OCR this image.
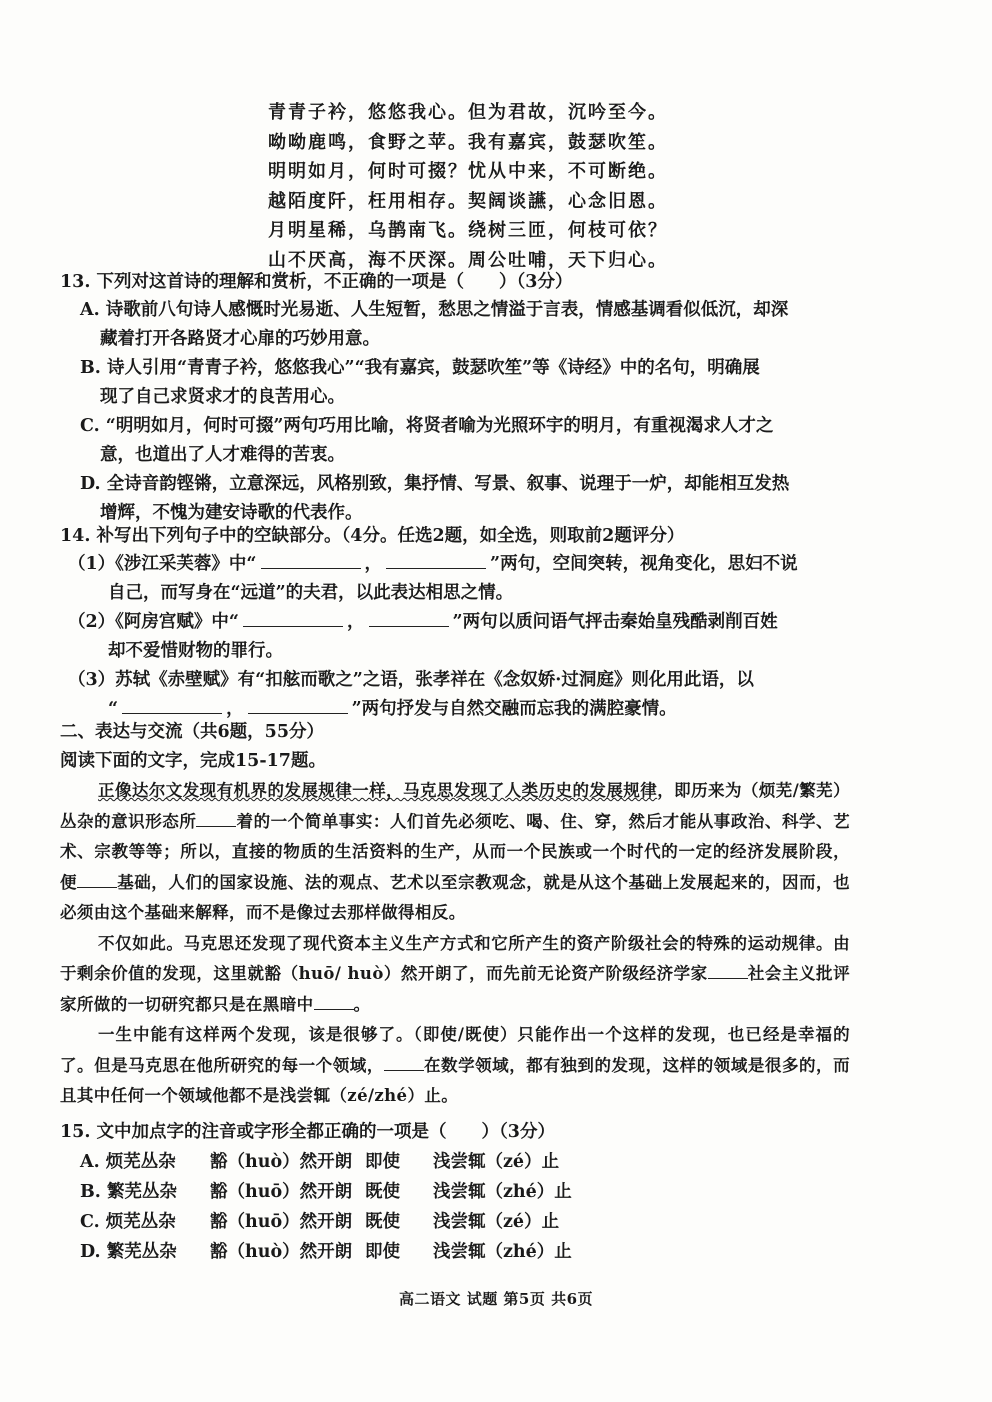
青青子衿，悠悠我心。但为君故，沉吟至今。
呦呦鹿鸣，食野之苹。我有嘉宾，鼓瑟吹笙。
明明如月，何时可掇？忧从中来，不可断绝。
越陌度阡，枉用相存。契阔谈讌，心念旧恩。
月明星稀，乌鹊南飞。绕树三匝，何枝可依？
山不厌高，海不厌深。周公吐哺，天下归心。
13. 下列对这首诗的理解和赏析，不正确的一项是（　　）（3分）
A. 诗歌前八句诗人感慨时光易逝、人生短暂，愁思之情溢于言表，情感基调看似低沉，却深
藏着打开各路贤才心扉的巧妙用意。
B. 诗人引用“青青子衿，悠悠我心”“我有嘉宾，鼓瑟吹笙”等《诗经》中的名句，明确展
现了自己求贤求才的良苦用心。
C. “明明如月，何时可掇”两句巧用比喻，将贤者喻为光照环宇的明月，有重视渴求人才之
意，也道出了人才难得的苦衷。
D. 全诗音韵铿锵，立意深远，风格别致，集抒情、写景、叙事、说理于一炉，却能相互发热
增辉，不愧为建安诗歌的代表作。
14. 补写出下列句子中的空缺部分。（4分。任选2题，如全选，则取前2题评分）
（1）《涉江采芙蓉》中“	，	”两句，空间突转，视角变化，思妇不说
自己，而写身在“远道”的夫君，以此表达相思之情。
（2）《阿房宫赋》中“	，	”两句以质问语气抨击秦始皇残酷剥削百姓
却不爱惜财物的罪行。
（3）苏轼《赤壁赋》有“扣舷而歌之”之语，张孝祥在《念奴娇·过洞庭》则化用此语，以
“	，	”两句抒发与自然交融而忘我的满腔豪情。
二、表达与交流（共6题，55分）
阅读下面的文字，完成15-17题。
正像达尔文发现有机界的发展规律一样，马克思发现了人类历史的发展规律，即历来为（烦芜/繁芜）丛杂的意识形态所 着的一个简单事实：人们首先必须吃、喝、住、穿，然后才能从事政治、科学、艺术、宗教等等；所以，直接的物质的生活资料的生产，从而一个民族或一个时代的一定的经济发展阶段，便 基础，人们的国家设施、法的观点、艺术以至宗教观念，就是从这个基础上发展起来的，因而，也必须由这个基础来解释，而不是像过去那样做得相反。
不仅如此。马克思还发现了现代资本主义生产方式和它所产生的资产阶级社会的特殊的运动规律。由于剩余价值的发现，这里就豁（huō/ huò）然开朗了，而先前无论资产阶级经济学家 社会主义批评家所做的一切研究都只是在黑暗中 。
一生中能有这样两个发现，该是很够了。（即使/既使）只能作出一个这样的发现，也已经是幸福的了。但是马克思在他所研究的每一个领域， 在数学领域，都有独到的发现，这样的领域是很多的，而且其中任何一个领域他都不是浅尝辄（zé/zhé）止。
15. 文中加点字的注音或字形全都正确的一项是（　　）（3分）
A. 烦芜丛杂 豁（huò）然开朗 即使 浅尝辄（zé）止
B. 繁芜丛杂 豁（huō）然开朗 既使 浅尝辄（zhé）止
C. 烦芜丛杂 豁（huō）然开朗 既使 浅尝辄（zé）止
D. 繁芜丛杂 豁（huò）然开朗 即使 浅尝辄（zhé）止
高二语文 试题 第5页 共6页
